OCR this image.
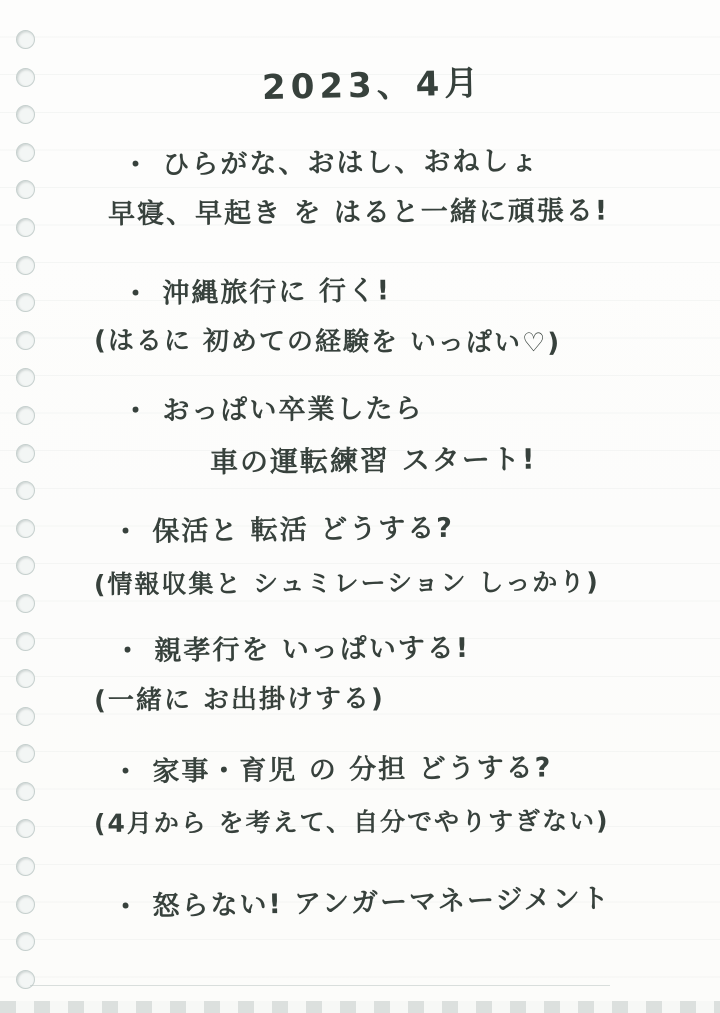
2023、4月
・ ひらがな、おはし、おねしょ
早寝、早起き を はると一緒に頑張る!
・ 沖縄旅行に 行く!
(はるに 初めての経験を いっぱい♡)
・ おっぱい卒業したら
車の運転練習 スタート!
・ 保活と 転活 どうする?
(情報収集と シュミレーション しっかり)
・ 親孝行を いっぱいする!
(一緒に お出掛けする)
・ 家事・育児 の 分担 どうする?
(4月から を考えて、自分でやりすぎない)
・ 怒らない! アンガーマネージメント
